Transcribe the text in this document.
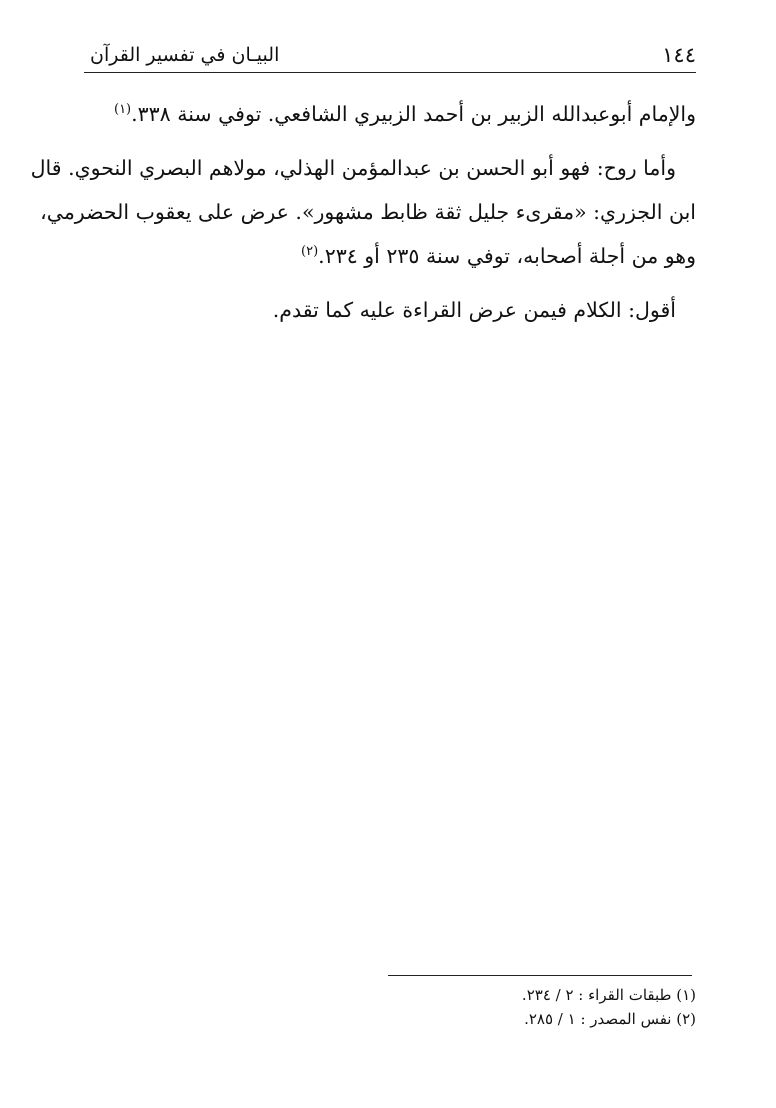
١٤٤
البيـان في تفسير القرآن

والإمام أبوعبدالله الزبير بن أحمد الزبيري الشافعي. توفي سنة ٣٣٨.$^{(١)}$

وأما روح: فهو أبو الحسن بن عبدالمؤمن الهذلي، مولاهم البصري النحوي. قال
ابن الجزري: «مقرىء جليل ثقة ظابط مشهور». عرض على يعقوب الحضرمي،
وهو من أجلة أصحابه، توفي سنة ٢٣٥ أو ٢٣٤.$^{(٢)}$

أقول: الكلام فيمن عرض القراءة عليه كما تقدم.

(١) طبقات القراء : ٢ / ٢٣٤.
(٢) نفس المصدر : ١ / ٢٨٥.
